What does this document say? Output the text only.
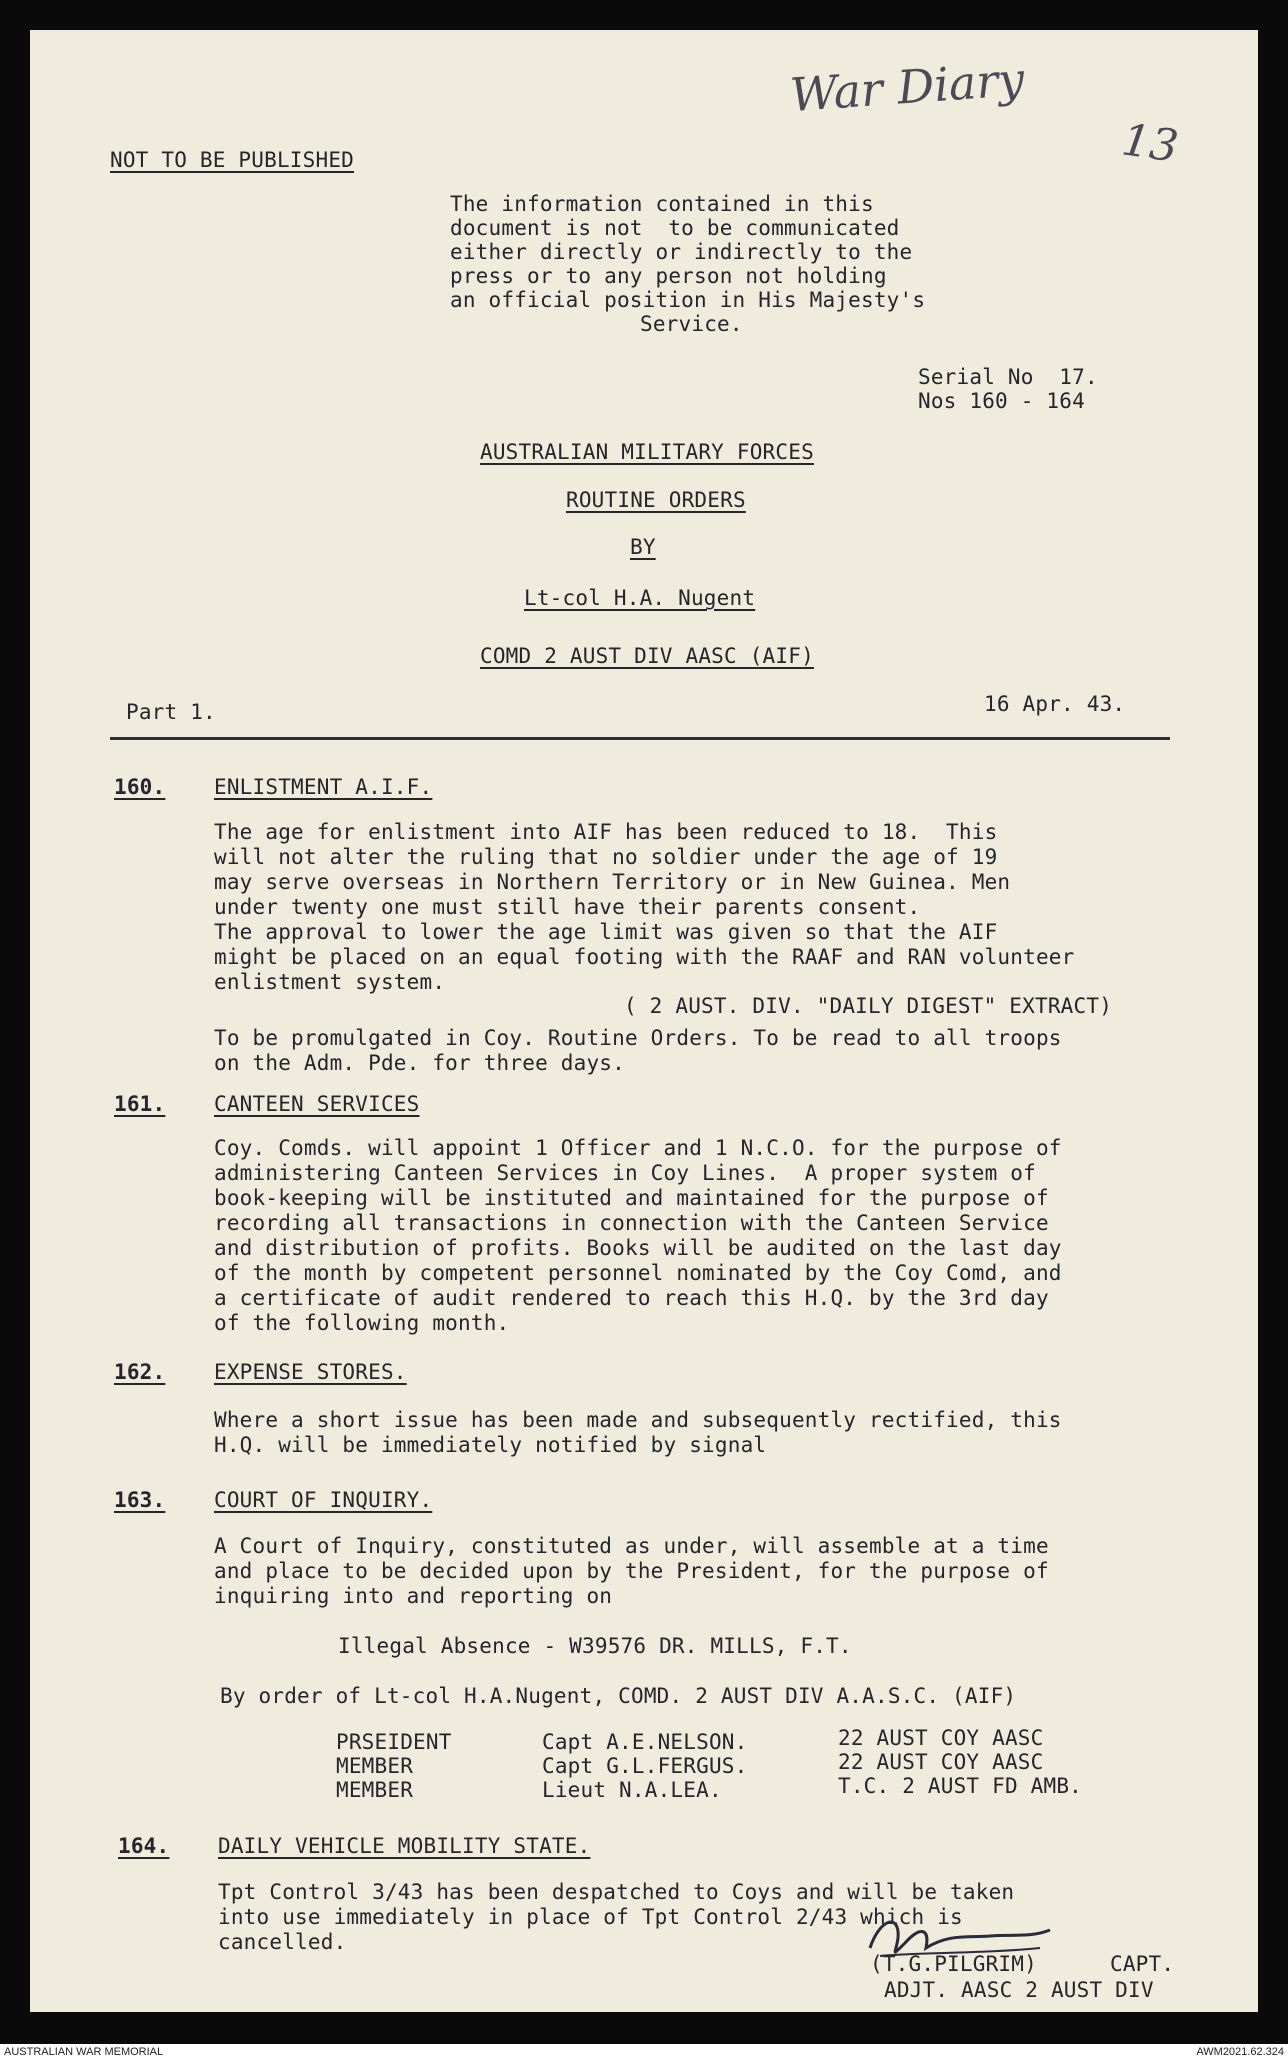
War Diary
13
NOT TO BE PUBLISHED
The information contained in this
document is not  to be communicated
either directly or indirectly to the
press or to any person not holding
an official position in His Majesty's
Service.
Serial No  17.
Nos 160 - 164
AUSTRALIAN MILITARY FORCES
ROUTINE ORDERS
BY
Lt-col H.A. Nugent
COMD 2 AUST DIV AASC (AIF)
Part 1.	16 Apr. 43.
160. ENLISTMENT A.I.F.
The age for enlistment into AIF has been reduced to 18.  This
will not alter the ruling that no soldier under the age of 19
may serve overseas in Northern Territory or in New Guinea. Men
under twenty one must still have their parents consent.
The approval to lower the age limit was given so that the AIF
might be placed on an equal footing with the RAAF and RAN volunteer
enlistment system.
( 2 AUST. DIV. "DAILY DIGEST" EXTRACT)
To be promulgated in Coy. Routine Orders. To be read to all troops
on the Adm. Pde. for three days.
161. CANTEEN SERVICES
Coy. Comds. will appoint 1 Officer and 1 N.C.O. for the purpose of
administering Canteen Services in Coy Lines.  A proper system of
book-keeping will be instituted and maintained for the purpose of
recording all transactions in connection with the Canteen Service
and distribution of profits. Books will be audited on the last day
of the month by competent personnel nominated by the Coy Comd, and
a certificate of audit rendered to reach this H.Q. by the 3rd day
of the following month.
162. EXPENSE STORES.
Where a short issue has been made and subsequently rectified, this
H.Q. will be immediately notified by signal
163. COURT OF INQUIRY.
A Court of Inquiry, constituted as under, will assemble at a time
and place to be decided upon by the President, for the purpose of
inquiring into and reporting on
Illegal Absence - W39576 DR. MILLS, F.T.
By order of Lt-col H.A.Nugent, COMD. 2 AUST DIV A.A.S.C. (AIF)
PRSEIDENT	Capt A.E.NELSON.	22 AUST COY AASC
MEMBER	Capt G.L.FERGUS.	22 AUST COY AASC
MEMBER	Lieut N.A.LEA.	T.C. 2 AUST FD AMB.
164. DAILY VEHICLE MOBILITY STATE.
Tpt Control 3/43 has been despatched to Coys and will be taken
into use immediately in place of Tpt Control 2/43 which is
cancelled.
(T.G.PILGRIM)	CAPT.
ADJT. AASC 2 AUST DIV
AUSTRALIAN WAR MEMORIAL	AWM2021.62.324
